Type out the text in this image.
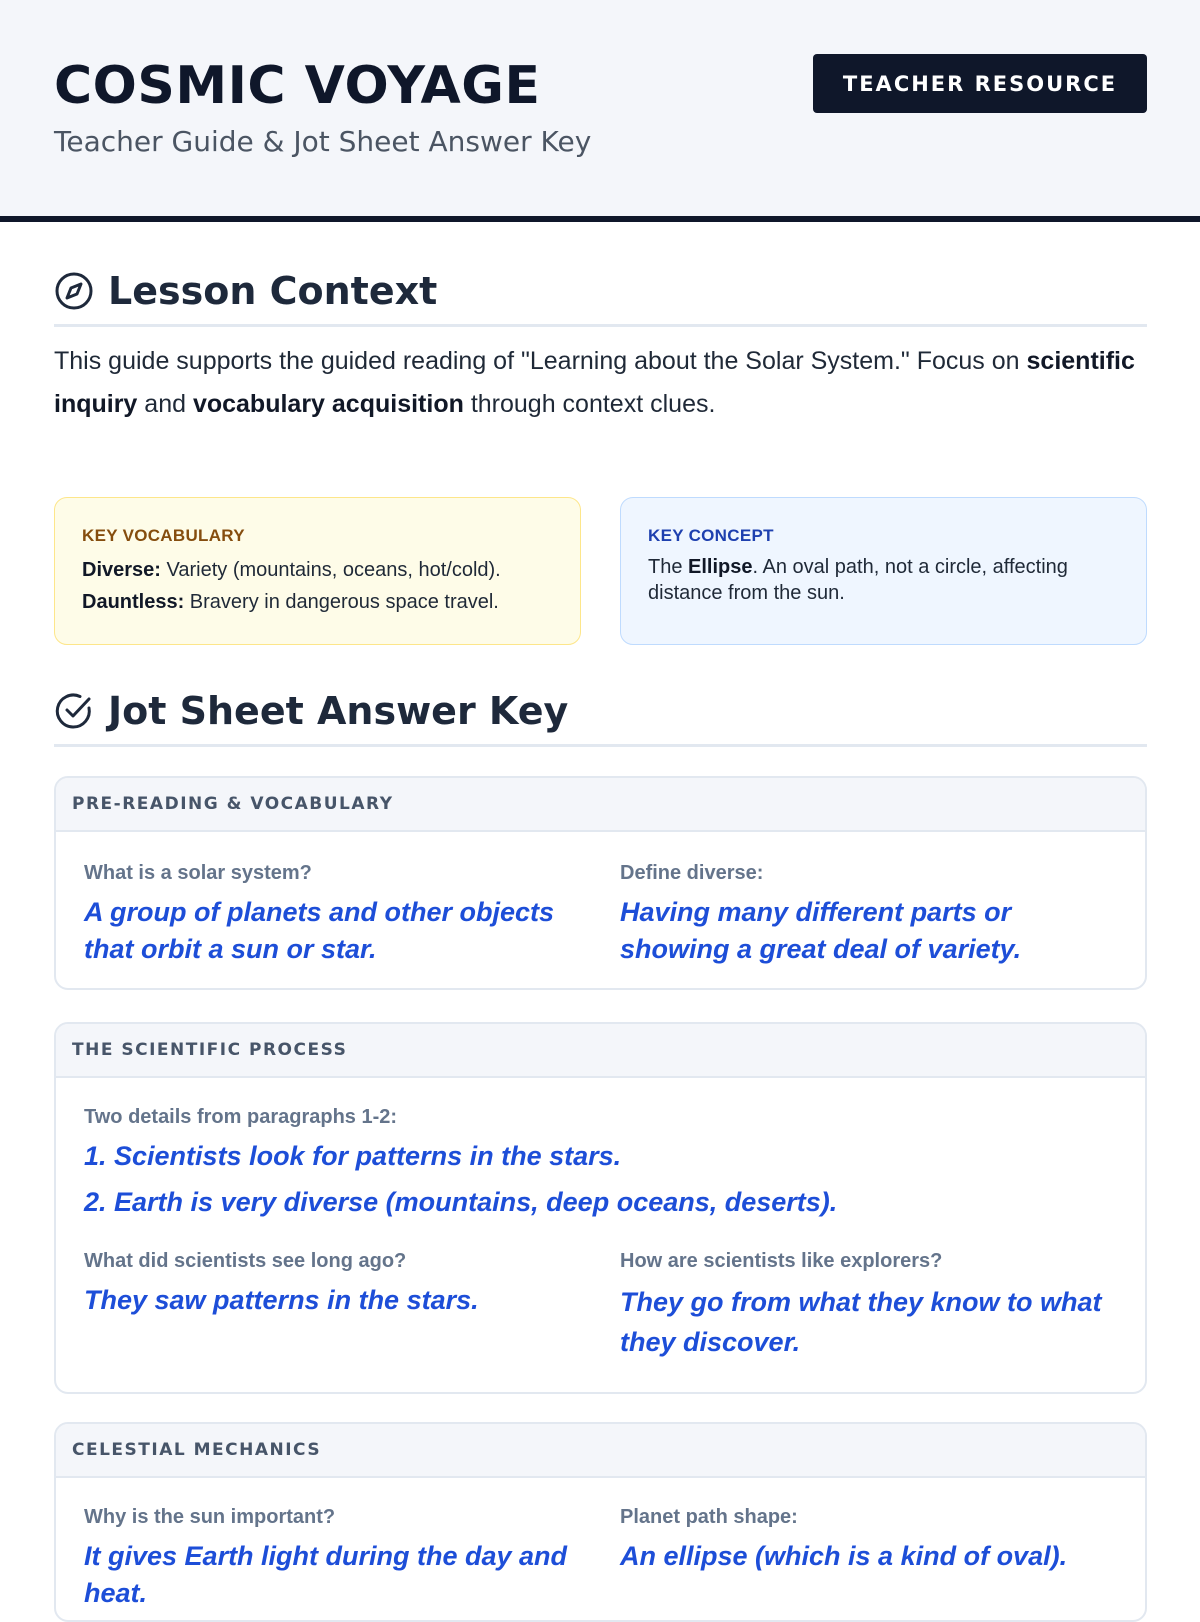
COSMIC VOYAGE
Teacher Guide & Jot Sheet Answer Key
TEACHER RESOURCE
Lesson Context

This guide supports the guided reading of "Learning about the Solar System." Focus on scientific inquiry and vocabulary acquisition through context clues.

KEY VOCABULARY
Diverse: Variety (mountains, oceans, hot/cold).
Dauntless: Bravery in dangerous space travel.
KEY CONCEPT
The Ellipse. An oval path, not a circle, affecting distance from the sun.
Jot Sheet Answer Key
PRE-READING & VOCABULARY
What is a solar system?
A group of planets and other objects that orbit a sun or star.
Define diverse:
Having many different parts or showing a great deal of variety.
THE SCIENTIFIC PROCESS
Two details from paragraphs 1-2:
1. Scientists look for patterns in the stars.
2. Earth is very diverse (mountains, deep oceans, deserts).
What did scientists see long ago?
They saw patterns in the stars.
How are scientists like explorers?
They go from what they know to what they discover.
CELESTIAL MECHANICS
Why is the sun important?
It gives Earth light during the day and heat.
Planet path shape:
An ellipse (which is a kind of oval).
